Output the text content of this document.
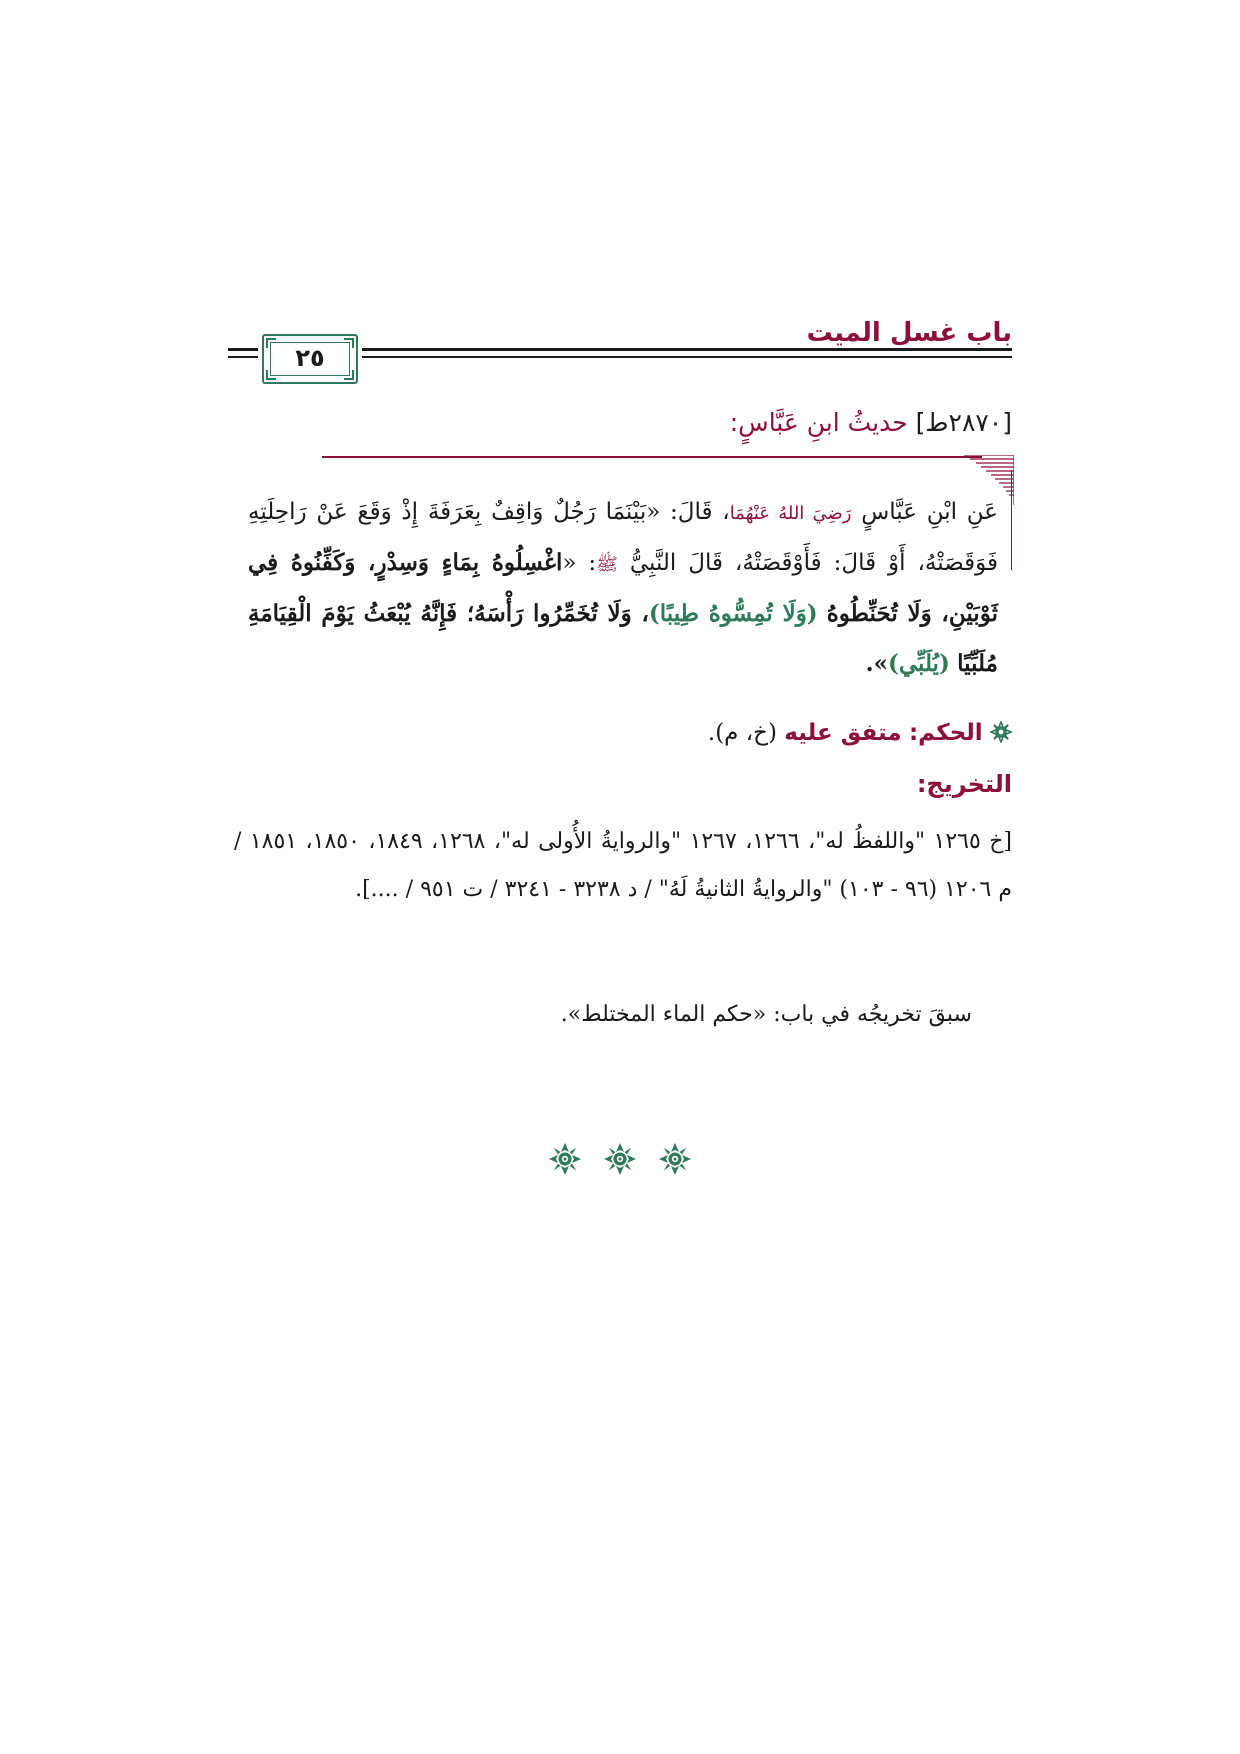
باب غسل الميت
٢٥
[٢٨٧٠ط] حديثُ ابنِ عَبَّاسٍ:
عَنِ ابْنِ عَبَّاسٍ رَضِيَ اللهُ عَنْهُمَا، قَالَ: «بَيْنَمَا رَجُلٌ وَاقِفٌ بِعَرَفَةَ إِذْ وَقَعَ عَنْ رَاحِلَتِهِ فَوَقَصَتْهُ، أَوْ قَالَ: فَأَوْقَصَتْهُ، قَالَ النَّبِيُّ ﷺ: «اغْسِلُوهُ بِمَاءٍ وَسِدْرٍ، وَكَفِّنُوهُ فِي ثَوْبَيْنِ، وَلَا تُحَنِّطُوهُ (وَلَا تُمِسُّوهُ طِيبًا)، وَلَا تُخَمِّرُوا رَأْسَهُ؛ فَإِنَّهُ يُبْعَثُ يَوْمَ الْقِيَامَةِ مُلَبِّيًا (يُلَبِّي)».
الحكم: متفق عليه (خ، م).
التخريج:
[خ ١٢٦٥ "واللفظُ له"، ١٢٦٦، ١٢٦٧ "والروايةُ الأُولى له"، ١٢٦٨، ١٨٤٩، ١٨٥٠، ١٨٥١ / م ١٢٠٦ (٩٦ - ١٠٣) "والروايةُ الثانيةُ لَهُ" / د ٣٢٣٨ - ٣٢٤١ / ت ٩٥١ / ....].
سبقَ تخريجُه في باب: «حكم الماء المختلط».
